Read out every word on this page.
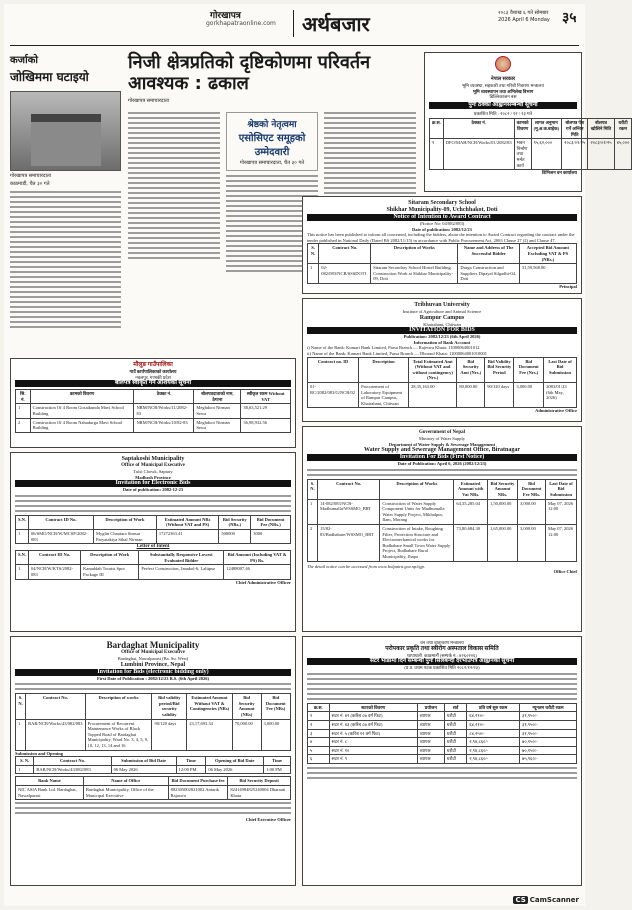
गोरखापत्र
gorkhapatraonline.com	अर्थबजार	२०८३ वैशाख ६ गते सोमबार 2026 April 6 Monday ३५
कर्जाको
जोखिममा घटाइयो
गोरखापत्र समाचारदाता
काठमाडौं, चैत ३० गते
निजी क्षेत्रप्रतिको दृष्टिकोणमा परिवर्तन आवश्यक : ढकाल
गोरखापत्र समाचारदाता
श्रेष्ठको नेतृत्वमा
एसोसिएट समूहको उम्मेदवारी
गोरखापत्र समाचारदाता, चैत ३० गते
नेपाल सरकार
भूमि व्यवस्था, सहकारी तथा गरिबी निवारण मन्त्रालय
भूमि व्यवस्थापन तथा अभिलेख विभाग
डिल्लिकाजन बस
पुनः ठेक्का आह्वानसम्बन्धी सूचना
प्रकाशित मिति : २०८२ / १२ / २३ गते
क्र.स.	ठेक्का नं.	कामको विवरण	लागत अनुमान (मू.अ.क.बाहेक)	बोलपत्र पेश गर्ने अन्तिम मिति	बोलपत्र खोलिने मिति	धरौटी रकम
१	DFO/MAH/NCB/Works/01/2082/83	भवन निर्माण तथा मर्मत कार्य	१५,६२,०००	२०८३/०१/२५	२०८३/०१/२५	४५,०००
डिभिजन वन कार्यालय
Sitaram Secondary School
Shikhar Municipality-09, Uchchhakot, Doti
Notice of Intention to Award Contract
(Notice No: 04/082/083)
Date of publication: 2082/12/23
This notice has been published to inform all concerned, including the bidders, about the intention to Award Contract regarding the contract under the tender published in National Daily (Dated BS 2082/11/15) in accordance with Public Procurement Act, 2063 Clause 27 (2) and Clause 47.
S. N.	Contract No.	Description of Works	Name and Address of The Successful Bidder	Accepted Bid Amount Excluding VAT & PS (NRs.)
1	02-082/083/NCB/SSSDOTI	Sitaram Secondary School Hostel Building Construction Work at Shikhar Municipality-09, Doti	Durga Construction and Suppliers Dipayal Silgadhi-04, Doti	31,59,568.00
Principal
Tribhuvan University
Institute of Agriculture and Animal Science
Rampur Campus
Khairahani, Chitwan
INVITATION FOR BIDS
Publication: 2082/12/23 (6th April 2026)
Information of Bank Account
i) Name of the Bank: Kumari Bank Limited, Parsa Branch — Rajeswa Khata: 11000064001012
ii) Name of the Bank: Kumari Bank Limited, Parsa Branch — Dhoraul Khata: 11000064001010001
Contract no. ID	Description	Total Estimated Amt (Without VAT and without contingency) (Nrs.)	Bid Security Amt (Nrs.)	Bid Validity Bid Security Period	Bid Document Fee (Nrs.)	Last Date of Bid Submission
01-RC/2082/083/G/NCB/02	Procurement of Laboratory Equipment of Rampur Campus, Khairahani, Chitwan	28,35,163.00	80,000.00	90/120 days	3,000.00	2083/01/23 (6th May, 2026)
Administrative Office
मौलुङ गाउँपालिका
गाउँ कार्यपालिकाको कार्यालय
नवलपुर, गण्डकी प्रदेश
बोलपत्र स्वीकृत गर्ने आशयको सूचना
सि. नं.	कामको विवरण	ठेक्का नं.	बोलपत्रदाताको नाम, ठेगाना	स्वीकृत रकम Without VAT
1	Construction Of 4 Room Gosaikunda Mavi School Building	NRM/NCB/Works/11/2082-83	Meghdoot Nirman Sewa	38,63,521.29
2	Construction Of 4 Room Nabadurga Mavi School Building	NRM/NCB/Works/10/82-83	Meghdoot Nirman Sewa	36,98,932.56
Saptakoshi Municipality
Office of Municipal Executive
Tulsi Chowk, Saptary
Madhesh Province
Invitation for Electronic Bids
Date of publication: 2082-12-23
S.N.	Contract ID No.	Description of Work	Estimated Amount NRs (Without VAT and PS)	Bid Security (NRs.)	Bid Document Fee (NRs.)
1	06/SMO/NCB/W/MCSP/2082-083	Myglin Chautara Simsar Paryatakiya Sthal Nirman	17272363.41	500000	3000
Letter of Intent
S.N.	Contract ID No.	Description of Work	Substantially Responsive Lowest Evaluated Bidder	Bid Amount (Including VAT & PS) Rs.
1	04/NCB/W/KTS/2082-083	Kamaldah Tourist Spot Package III	Perfect Construction, Janakol-6, Lalitpur	12488007.46
Chief Administrative Officer
Government of Nepal
Ministry of Water Supply
Department of Water Supply & Sewerage Management
Water Supply and Sewerage Management Office, Biratnagar
Invitation For Bids (First Notice)
Date of Publication: April 6, 2026 (2082/12/23)
S. N.	Contract No.	Description of Works	Estimated Amount with Vat NRs.	Bid Security Amount NRs.	Bid Document Fee NRs.	Last Date of Bid Submission
1	14-082/083/NCB-Madhumalla/WSSMO_BRT	Construction of Water Supply Component Units for Madhumalla Water Supply Project, Mikhalpur, Ilam, Morang	64,35,285.04	1,50,000.00	3,000.00	May 07, 2026 12:00
2	15/82-83/Budhabare/WSSMO_BRT	Construction of Intake, Roughing Filter, Protection Structure and Electromechanical works for Budhabare Small Town Water Supply Project, Budhabare Rural Municipality, Jhapa	73,80,684.30	1,65,000.00	3,000.00	May 07, 2026 12:00
The detail notice can be accessed from www.bolpatra.gov.np/egp.
Office Chief
Bardaghat Municipality
Office of Municipal Executive
Bardaghat, Nawalparasi (Ba. Su. West)
Lumbini Province, Nepal
Invitation for Bids (electronic bidding only)
First Date of Publication : 2082/12/23 B.S. (6th April 2026)
S. N.	Contract No.	Description of works	Bid validity period/Bid security validity	Estimated Amount Without VAT & Contingencies (NRs)	Bid Security Amount (NRs)	Bid Document Fee (NRs)
1	BAR/NCB/Works/43/082/083	Procurement of Recurrent Maintenance Works of Black Topped Road of Bardaghat Municipality, Ward No. 3, 4, 5, 9, 10, 12, 13, 14 and 16	90/120 days	23,17,693.34	70,000.00	3,000.00
Submission and Opening
S. N.	Contract No.	Submission of Bid Date	Time	Opening of Bid Date	Time
1	BAR/NCB/Works/43/082/083	06 May 2026	12:00 PM	06 May 2026	1:00 PM
Bank Name	Name of Office	Bid Document Purchase fee	Bid Security Deposit
NIC ASIA Bank Ltd. Bardaghat, Nawalparasi	Bardaghat Municipality, Office of the Municipal Executive	882305002821002 Antarik Rajaswa	82414984825240004 Dharauti Khata
Chief Executive Officer
वन तथा वातावरण मन्त्रालय
परोपकार प्रकृति तथा स्त्रीरोग अस्पताल विकास समिति
थापाथली, काठमाडौं (सम्पर्क नं.: ४२६०२०६)
सटर भाडामा दिने सम्बन्धी पुनः सिलबन्दी दरभाउपत्र आह्वानको सूचना
(प्र.प्र. प्रथम पटक प्रकाशित मिति २०८२/१२/२३)
क्र.स.	सटरको विवरण	प्रयोजन	शर्त	प्रति वर्ष सुरु रकम	न्यूनतम धरौटी रकम
१	सटर नं. ४२ (करिब ८७ वर्ग फिट)	व्यापार	धरौटी	६४,२१०/-	३१,९५०/-
२	सटर नं. ४३ (करिब ८७ वर्ग फिट)	व्यापार	धरौटी	६४,२१०/-	३१,९५०/-
३	सटर नं. ५ (करिब १२ वर्ग फिट)	व्यापार	धरौटी	८४,२५०/-	३१,९५०/-
४	सटर नं. ८	व्यापार	धरौटी	२,९४,८६०/-	७०,१५०/-
५	सटर नं. १०	व्यापार	धरौटी	२,९४,८६०/-	७०,१५०/-
६	सटर नं. ९	व्यापार	धरौटी	२,९४,८६०/-	७५,९६०/-
CS CamScanner
